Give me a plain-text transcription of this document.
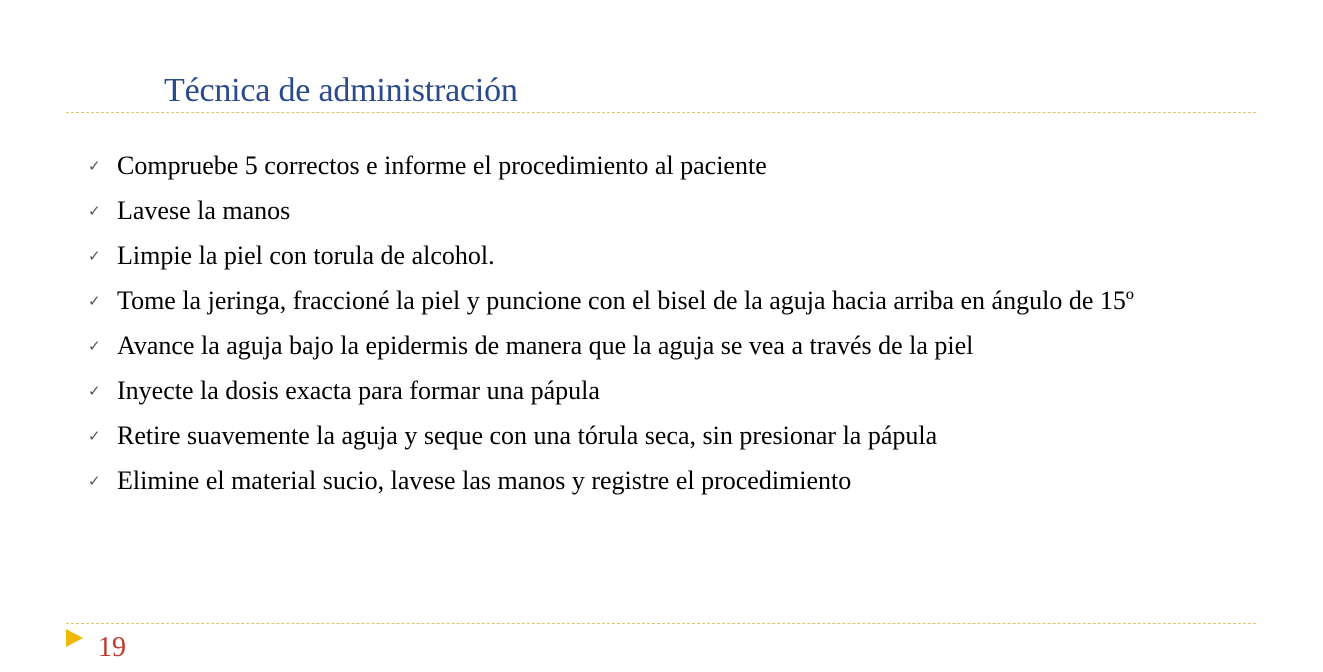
Técnica de administración
✓ Compruebe 5 correctos e informe el procedimiento al paciente
✓ Lavese la manos
✓ Limpie la piel con torula de alcohol.
✓ Tome la jeringa, fraccioné la piel y puncione con el bisel de la aguja hacia arriba en ángulo de 15º
✓ Avance la aguja bajo la epidermis de manera que la aguja se vea a través de la piel
✓ Inyecte la dosis exacta para formar una pápula
✓ Retire suavemente la aguja y seque con una tórula seca, sin presionar la pápula
✓ Elimine el material sucio, lavese las manos y registre el procedimiento
19
